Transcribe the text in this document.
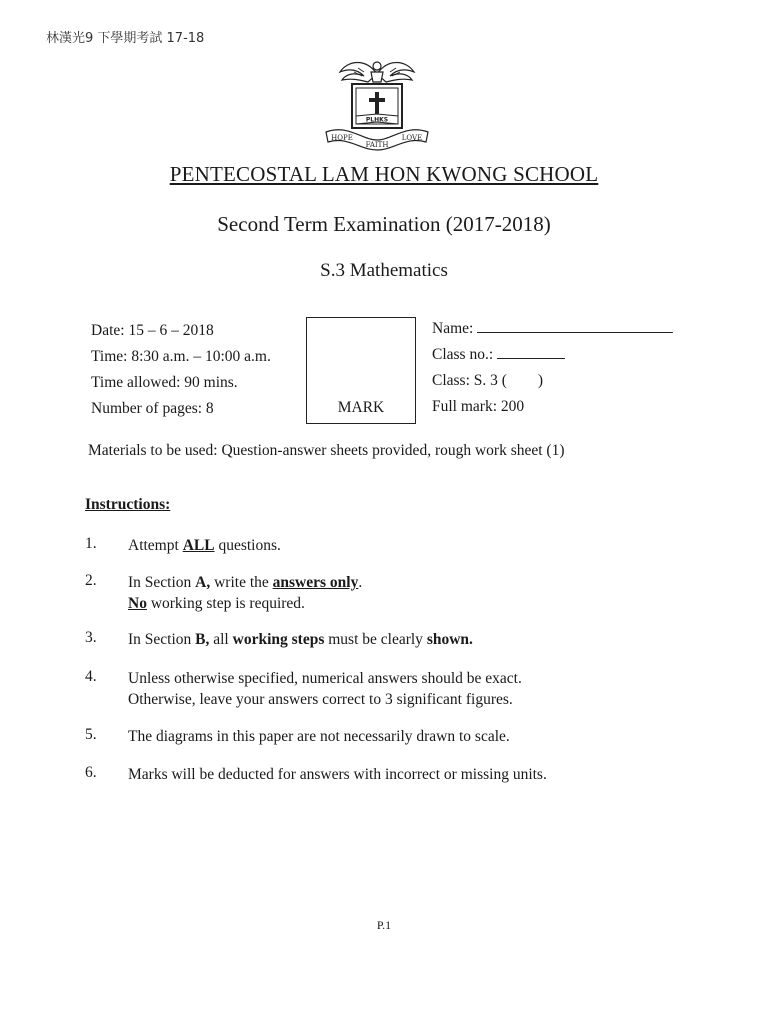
林漢光9 下學期考試 17-18
PLHKS
HOPE
FAITH
LOVE
PENTECOSTAL LAM HON KWONG SCHOOL
Second Term Examination (2017-2018)
S.3 Mathematics
Date: 15 – 6 – 2018
Time: 8:30 a.m. – 10:00 a.m.
Time allowed: 90 mins.
Number of pages: 8	MARK
Name:
Class no.:
Class: S. 3 (        )
Full mark: 200
Materials to be used: Question-answer sheets provided, rough work sheet (1)
Instructions:
1. Attempt ALL questions.
2. In Section A, write the answers only.
No working step is required.
3. In Section B, all working steps must be clearly shown.
4. Unless otherwise specified, numerical answers should be exact.
Otherwise, leave your answers correct to 3 significant figures.
5. The diagrams in this paper are not necessarily drawn to scale.
6. Marks will be deducted for answers with incorrect or missing units.
P.1
